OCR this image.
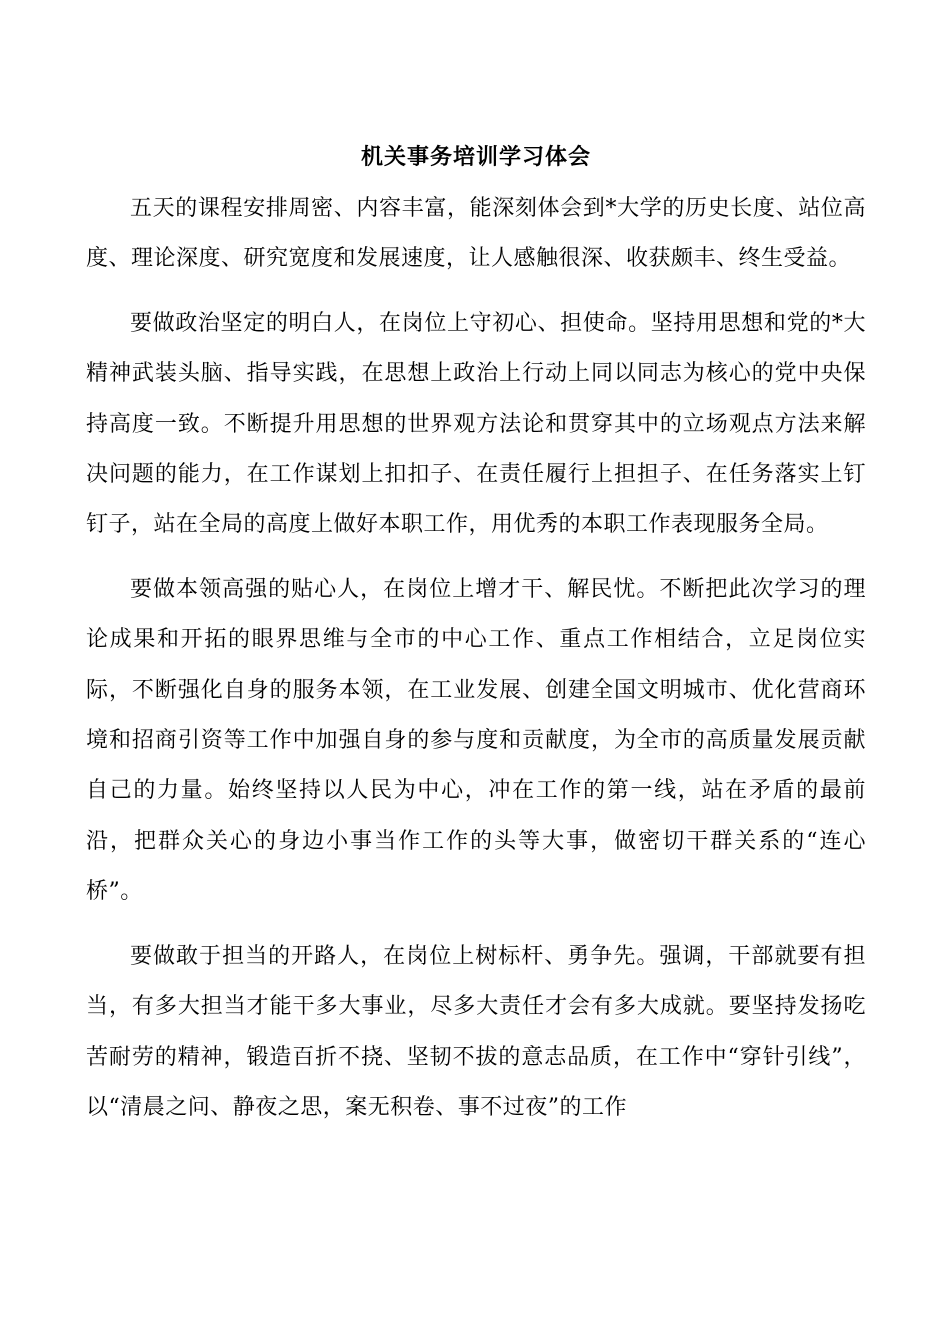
机关事务培训学习体会

五天的课程安排周密、内容丰富，能深刻体会到*大学的历史长度、站位高度、理论深度、研究宽度和发展速度，让人感触很深、收获颇丰、终生受益。

要做政治坚定的明白人，在岗位上守初心、担使命。坚持用思想和党的*大精神武装头脑、指导实践，在思想上政治上行动上同以同志为核心的党中央保持高度一致。不断提升用思想的世界观方法论和贯穿其中的立场观点方法来解决问题的能力，在工作谋划上扣扣子、在责任履行上担担子、在任务落实上钉钉子，站在全局的高度上做好本职工作，用优秀的本职工作表现服务全局。

要做本领高强的贴心人，在岗位上增才干、解民忧。不断把此次学习的理论成果和开拓的眼界思维与全市的中心工作、重点工作相结合，立足岗位实际，不断强化自身的服务本领，在工业发展、创建全国文明城市、优化营商环境和招商引资等工作中加强自身的参与度和贡献度，为全市的高质量发展贡献自己的力量。始终坚持以人民为中心，冲在工作的第一线，站在矛盾的最前沿，把群众关心的身边小事当作工作的头等大事，做密切干群关系的“连心桥”。

要做敢于担当的开路人，在岗位上树标杆、勇争先。强调，干部就要有担当，有多大担当才能干多大事业，尽多大责任才会有多大成就。要坚持发扬吃苦耐劳的精神，锻造百折不挠、坚韧不拔的意志品质，在工作中“穿针引线”，以“清晨之问、静夜之思，案无积卷、事不过夜”的工作
